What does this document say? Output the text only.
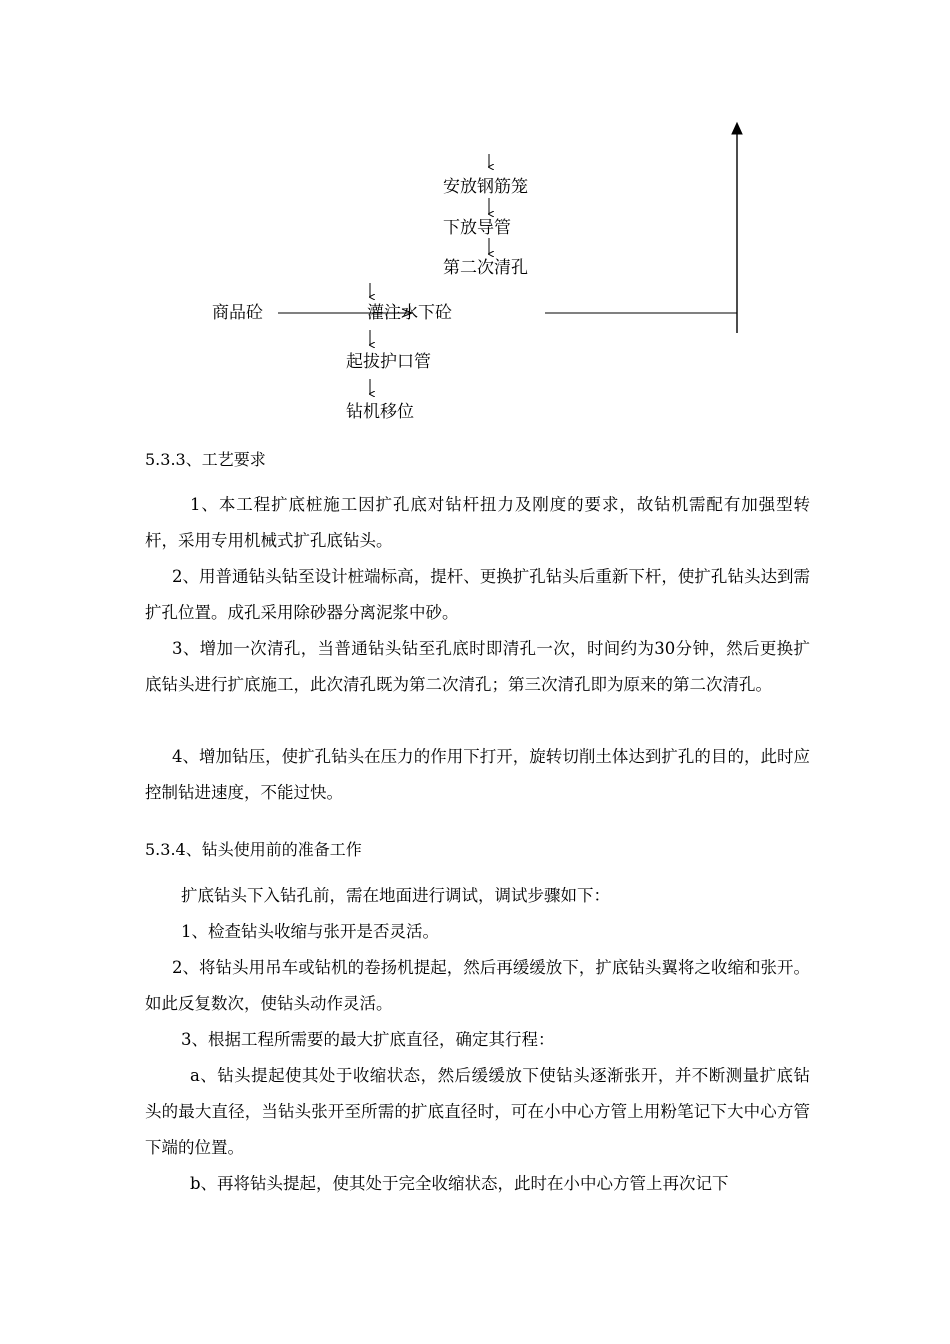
安放钢筋笼
下放导管
第二次清孔
商品砼	灌注水下砼
起拔护口管
钻机移位
5.3.3、工艺要求
1、本工程扩底桩施工因扩孔底对钻杆扭力及刚度的要求，故钻机需配有加强型转杆，采用专用机械式扩孔底钻头。
2、用普通钻头钻至设计桩端标高，提杆、更换扩孔钻头后重新下杆，使扩孔钻头达到需扩孔位置。成孔采用除砂器分离泥浆中砂。
3、增加一次清孔，当普通钻头钻至孔底时即清孔一次，时间约为30分钟，然后更换扩底钻头进行扩底施工，此次清孔既为第二次清孔；第三次清孔即为原来的第二次清孔。
4、增加钻压，使扩孔钻头在压力的作用下打开，旋转切削土体达到扩孔的目的，此时应控制钻进速度，不能过快。
5.3.4、钻头使用前的准备工作
扩底钻头下入钻孔前，需在地面进行调试，调试步骤如下：
1、检查钻头收缩与张开是否灵活。
2、将钻头用吊车或钻机的卷扬机提起，然后再缓缓放下，扩底钻头翼将之收缩和张开。如此反复数次，使钻头动作灵活。
3、根据工程所需要的最大扩底直径，确定其行程：
a、钻头提起使其处于收缩状态，然后缓缓放下使钻头逐渐张开，并不断测量扩底钻头的最大直径，当钻头张开至所需的扩底直径时，可在小中心方管上用粉笔记下大中心方管下端的位置。
b、再将钻头提起，使其处于完全收缩状态，此时在小中心方管上再次记下
